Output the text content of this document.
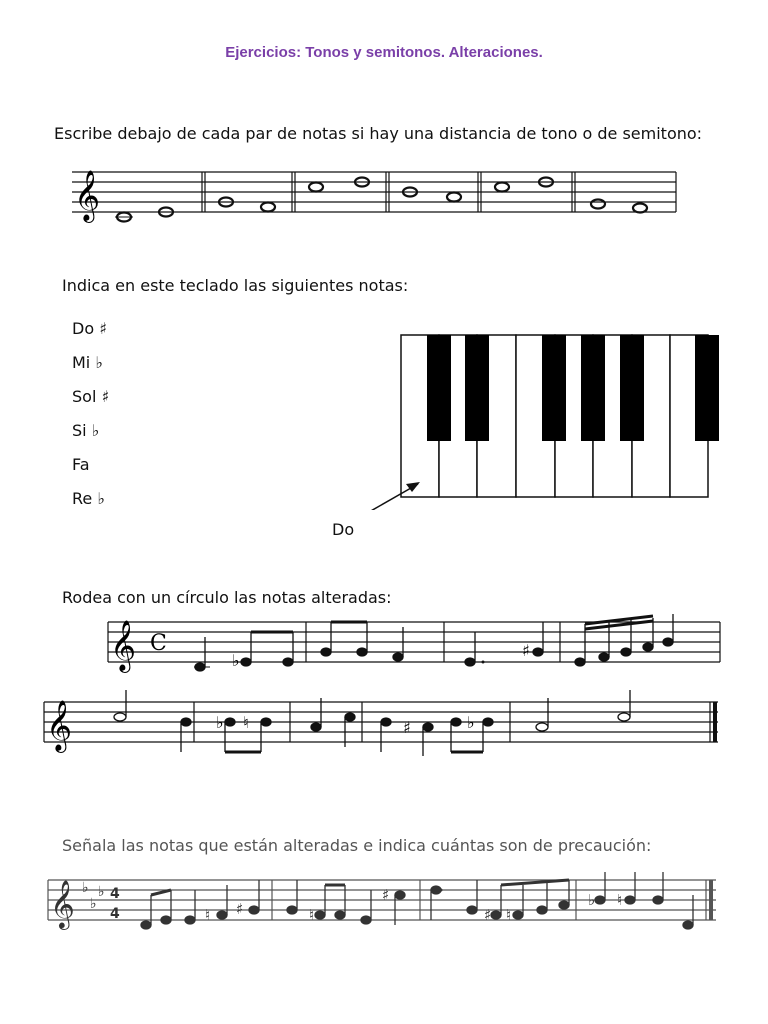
Ejercicios: Tonos y semitonos. Alteraciones.
Escribe debajo de cada par de notas si hay una distancia de tono o de semitono:
𝄞
Indica en este teclado las siguientes notas:
Do ♯
Mi ♭
Sol ♯
Si ♭
Fa
Re ♭
Do
Rodea con un círculo las notas alteradas:
𝄞 C
♭
♯
𝄞	♭ ♮	♯	♭
Señala las notas que están alteradas e indica cuántas son de precaución:
𝄞 ♭
♭
♭ 4
4	♮ ♯	♮
♯
♯ ♮
♭ ♮
